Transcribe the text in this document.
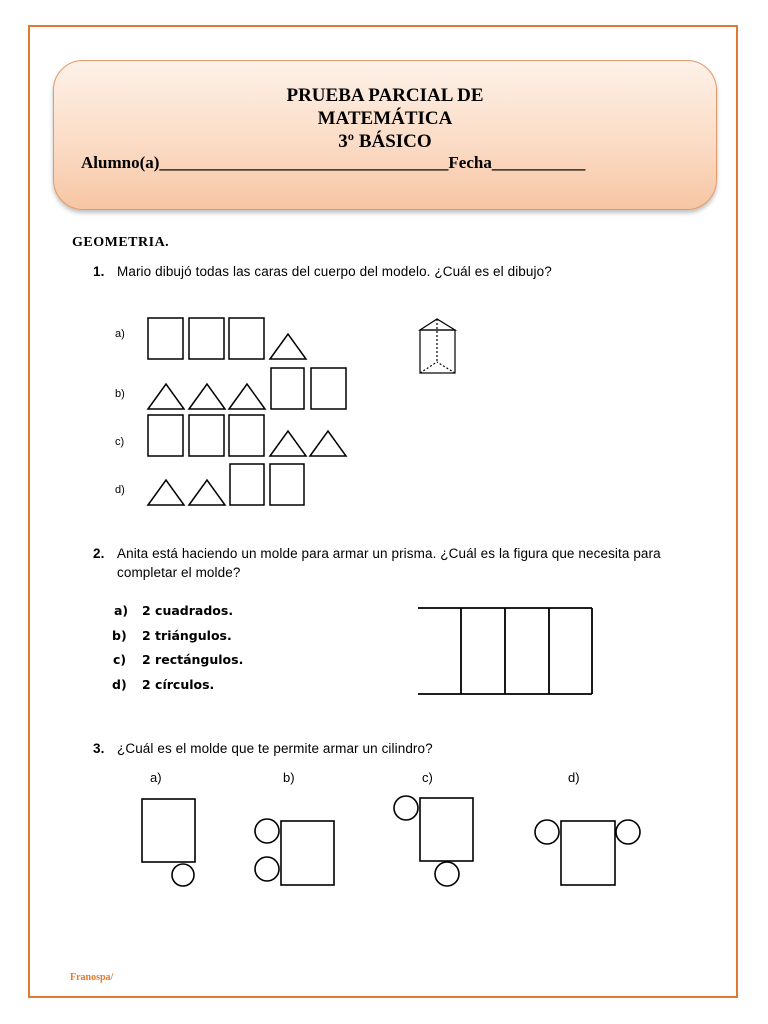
PRUEBA PARCIAL DE
MATEMÁTICA
3º BÁSICO
Alumno(a)__________________________________Fecha___________
GEOMETRIA.
1. Mario dibujó todas las caras del cuerpo del modelo. ¿Cuál es el dibujo?
a)
b)
c)
d)
2. Anita está haciendo un molde para armar un prisma. ¿Cuál es la figura que necesita para completar el molde?
a)	2 cuadrados.
b)	2 triángulos.
c)	2 rectángulos.
d)	2 círculos.
3. ¿Cuál es el molde que te permite armar un cilindro?
a)	b)	c)	d)
Franospa/
